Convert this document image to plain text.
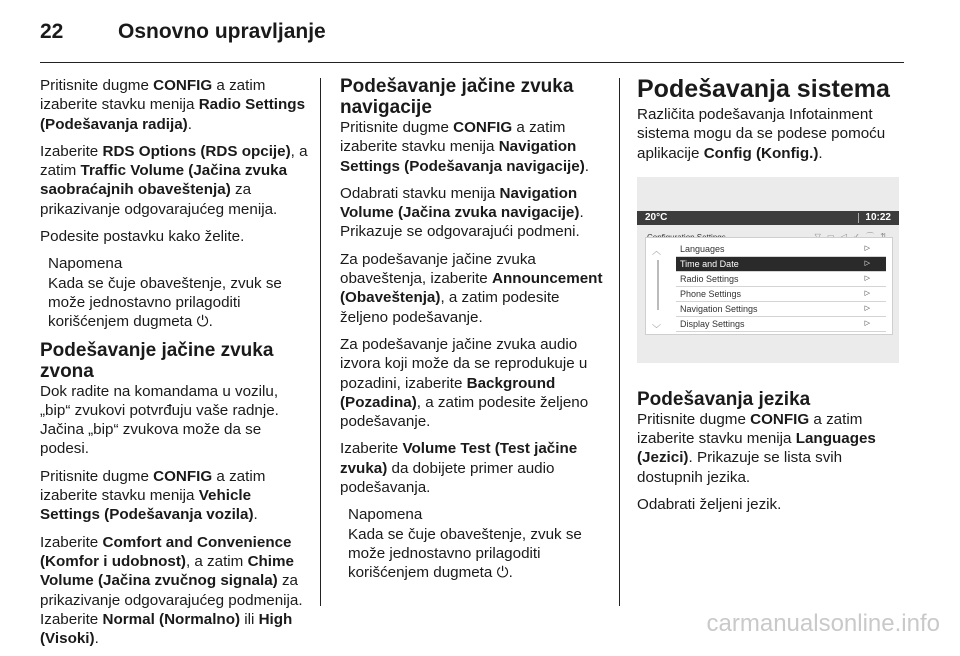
22	Osnovno upravljanje

Pritisnite dugme CONFIG a zatim izaberite stavku menija Radio Settings (Podešavanja radija).

Izaberite RDS Options (RDS opcije), a zatim Traffic Volume (Jačina zvuka saobraćajnih obaveštenja) za prikazivanje odgovarajućeg menija.

Podesite postavku kako želite.

Napomena

Kada se čuje obaveštenje, zvuk se može jednostavno prilagoditi korišćenjem dugmeta ⏻.

Podešavanje jačine zvuka zvona

Dok radite na komandama u vozilu, „bip“ zvukovi potvrđuju vaše radnje. Jačina „bip“ zvukova može da se podesi.

Pritisnite dugme CONFIG a zatim izaberite stavku menija Vehicle Settings (Podešavanja vozila).

Izaberite Comfort and Convenience (Komfor i udobnost), a zatim Chime Volume (Jačina zvučnog signala) za prikazivanje odgovarajućeg podmenija. Izaberite Normal (Normalno) ili High (Visoki).

Podešavanje jačine zvuka navigacije

Pritisnite dugme CONFIG a zatim izaberite stavku menija Navigation Settings (Podešavanja navigacije).

Odabrati stavku menija Navigation Volume (Jačina zvuka navigacije). Prikazuje se odgovarajući podmeni.

Za podešavanje jačine zvuka obaveštenja, izaberite Announcement (Obaveštenja), a zatim podesite željeno podešavanje.

Za podešavanje jačine zvuka audio izvora koji može da se reprodukuje u pozadini, izaberite Background (Pozadina), a zatim podesite željeno podešavanje.

Izaberite Volume Test (Test jačine zvuka) da dobijete primer audio podešavanja.

Napomena

Kada se čuje obaveštenje, zvuk se može jednostavno prilagoditi korišćenjem dugmeta ⏻.

Podešavanja sistema

Različita podešavanja Infotainment sistema mogu da se podese pomoću aplikacije Config (Konfig.).

20°C	10:22
︿
﹀
Languages	▷
Time and Date	▷
Radio Settings	▷
Phone Settings	▷
Navigation Settings	▷
Display Settings	▷
Podešavanja jezika

Pritisnite dugme CONFIG a zatim izaberite stavku menija Languages (Jezici). Prikazuje se lista svih dostupnih jezika.

Odabrati željeni jezik.

carmanualsonline.info
